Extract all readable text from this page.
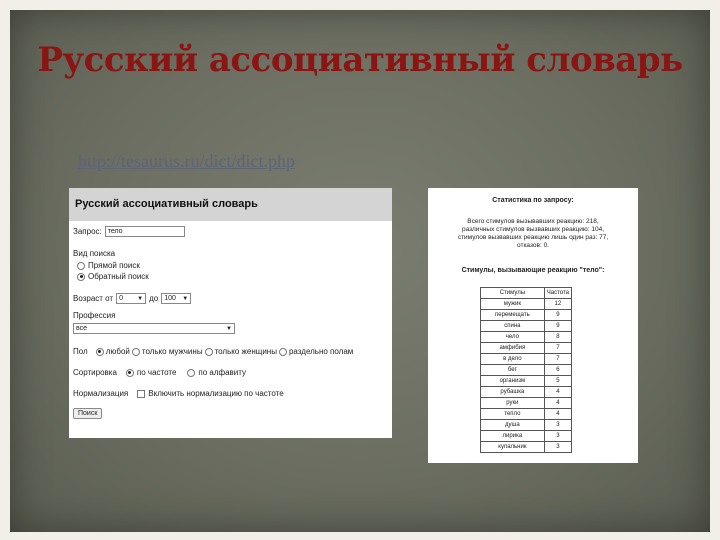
Русский ассоциативный словарь
http://tesaurus.ru/dict/dict.php
Русский ассоциативный словарь
Запрос: тело
Вид поиска
Прямой поиск
Обратный поиск
Возраст от 0 ▼ до 100 ▼
Профессия
все	▼
Пол любой только мужчины только женщины раздельно полам
Сортировка	по частоте	по алфавиту
Нормализация	Включить нормализацию по частоте
Поиск
Статистика по запросу:
Всего стимулов вызывавших реакцию: 218,
различных стимулов вызвавших реакцию: 104,
стимулов вызвавших реакцию лишь один раз: 77,
отказов: 0.
Стимулы, вызывающие реакцию "тело":
Стимулы	Частота
мужик	12
перемещать	9
спина	9
чело	8
амфибия	7
в дело	7
бег	6
организм	5
рубашка	4
руки	4
тепло	4
душа	3
лирика	3
купальник	3
